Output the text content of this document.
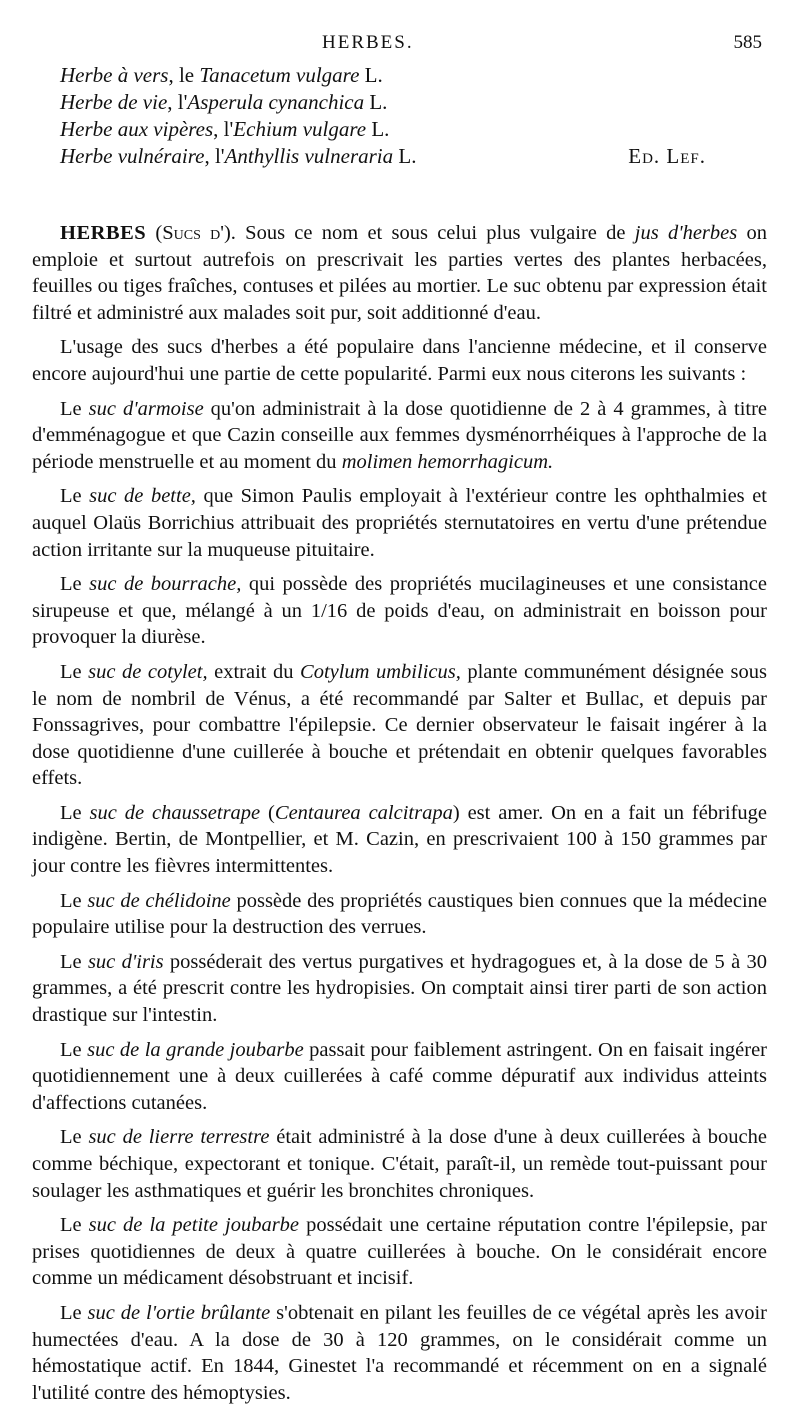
HERBES.	585
Herbe à vers, le Tanacetum vulgare L.
Herbe de vie, l'Asperula cynanchica L.
Herbe aux vipères, l'Echium vulgare L.
Herbe vulnéraire, l'Anthyllis vulneraria L.	Ed. Lef.

HERBES (Sucs d'). Sous ce nom et sous celui plus vulgaire de jus d'herbes on emploie et surtout autrefois on prescrivait les parties vertes des plantes herbacées, feuilles ou tiges fraîches, contuses et pilées au mortier. Le suc obtenu par expression était filtré et administré aux malades soit pur, soit additionné d'eau.

L'usage des sucs d'herbes a été populaire dans l'ancienne médecine, et il conserve encore aujourd'hui une partie de cette popularité. Parmi eux nous citerons les suivants :

Le suc d'armoise qu'on administrait à la dose quotidienne de 2 à 4 grammes, à titre d'emménagogue et que Cazin conseille aux femmes dysménorrhéiques à l'approche de la période menstruelle et au moment du molimen hemorrhagicum.

Le suc de bette, que Simon Paulis employait à l'extérieur contre les ophthalmies et auquel Olaüs Borrichius attribuait des propriétés sternutatoires en vertu d'une prétendue action irritante sur la muqueuse pituitaire.

Le suc de bourrache, qui possède des propriétés mucilagineuses et une consistance sirupeuse et que, mélangé à un 1/16 de poids d'eau, on administrait en boisson pour provoquer la diurèse.

Le suc de cotylet, extrait du Cotylum umbilicus, plante communément désignée sous le nom de nombril de Vénus, a été recommandé par Salter et Bullac, et depuis par Fonssagrives, pour combattre l'épilepsie. Ce dernier observateur le faisait ingérer à la dose quotidienne d'une cuillerée à bouche et prétendait en obtenir quelques favorables effets.

Le suc de chaussetrape (Centaurea calcitrapa) est amer. On en a fait un fébrifuge indigène. Bertin, de Montpellier, et M. Cazin, en prescrivaient 100 à 150 grammes par jour contre les fièvres intermittentes.

Le suc de chélidoine possède des propriétés caustiques bien connues que la médecine populaire utilise pour la destruction des verrues.

Le suc d'iris posséderait des vertus purgatives et hydragogues et, à la dose de 5 à 30 grammes, a été prescrit contre les hydropisies. On comptait ainsi tirer parti de son action drastique sur l'intestin.

Le suc de la grande joubarbe passait pour faiblement astringent. On en faisait ingérer quotidiennement une à deux cuillerées à café comme dépuratif aux individus atteints d'affections cutanées.

Le suc de lierre terrestre était administré à la dose d'une à deux cuillerées à bouche comme béchique, expectorant et tonique. C'était, paraît-il, un remède tout-puissant pour soulager les asthmatiques et guérir les bronchites chroniques.

Le suc de la petite joubarbe possédait une certaine réputation contre l'épilepsie, par prises quotidiennes de deux à quatre cuillerées à bouche. On le considérait encore comme un médicament désobstruant et incisif.

Le suc de l'ortie brûlante s'obtenait en pilant les feuilles de ce végétal après les avoir humectées d'eau. A la dose de 30 à 120 grammes, on le considérait comme un hémostatique actif. En 1844, Ginestet l'a recommandé et récemment on en a signalé l'utilité contre des hémoptysies.
